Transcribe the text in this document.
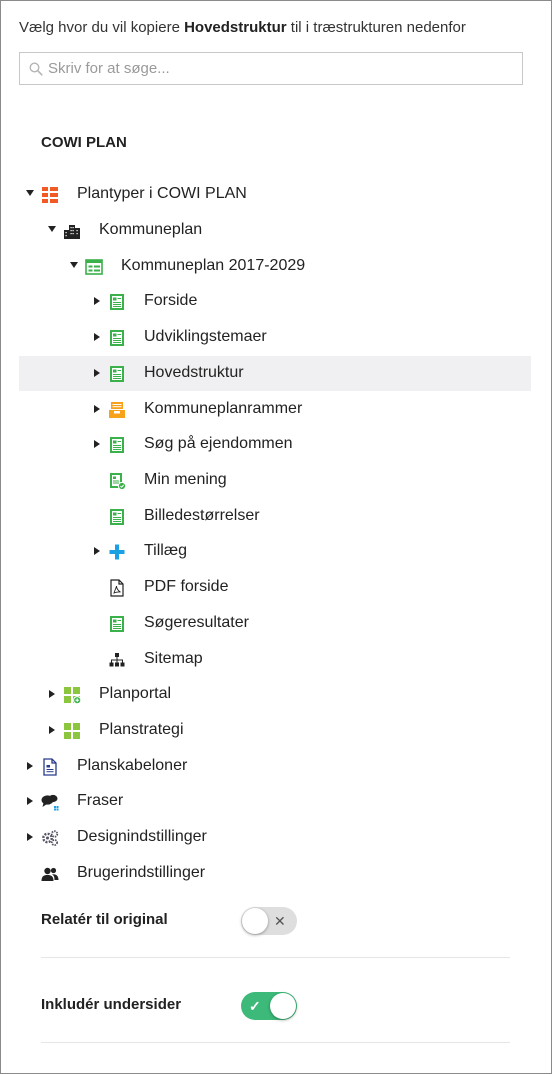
Vælg hvor du vil kopiere Hovedstruktur til i træstrukturen nedenfor
Skriv for at søge...
COWI PLAN
Plantyper i COWI PLAN
Kommuneplan
Kommuneplan 2017-2029
Forside
Udviklingstemaer
Hovedstruktur
Kommuneplanrammer
Søg på ejendommen
Min mening
Billedestørrelser
Tillæg
PDF forside
Søgeresultater
Sitemap
Planportal
Planstrategi
Planskabeloner
Fraser
Designindstillinger
Brugerindstillinger
Relatér til original	✕
Inkludér undersider	✓
